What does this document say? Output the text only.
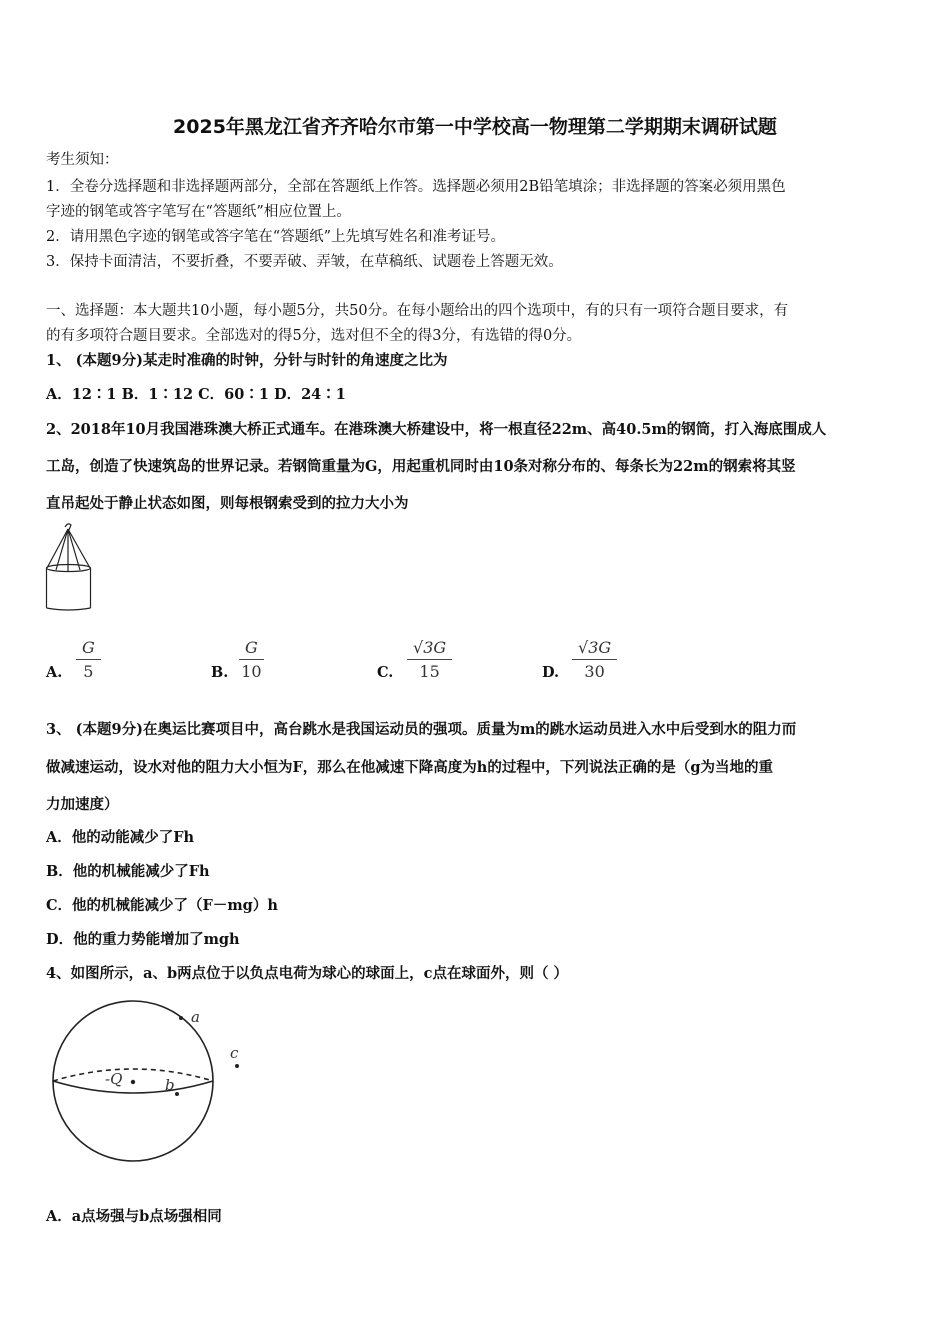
2025年黑龙江省齐齐哈尔市第一中学校高一物理第二学期期末调研试题
考生须知：
1．全卷分选择题和非选择题两部分，全部在答题纸上作答。选择题必须用2B铅笔填涂；非选择题的答案必须用黑色
字迹的钢笔或答字笔写在“答题纸”相应位置上。
2．请用黑色字迹的钢笔或答字笔在“答题纸”上先填写姓名和准考证号。
3．保持卡面清洁，不要折叠，不要弄破、弄皱，在草稿纸、试题卷上答题无效。
一、选择题：本大题共10小题，每小题5分，共50分。在每小题给出的四个选项中，有的只有一项符合题目要求，有
的有多项符合题目要求。全部选对的得5分，选对但不全的得3分，有选错的得0分。
1、 (本题9分)某走时准确的时钟，分针与时针的角速度之比为
A．12∶1 B．1∶12 C．60∶1 D．24∶1
2、2018年10月我国港珠澳大桥正式通车。在港珠澳大桥建设中，将一根直径22m、高40.5m的钢筒，打入海底围成人
工岛，创造了快速筑岛的世界记录。若钢筒重量为G，用起重机同时由10条对称分布的、每条长为22m的钢索将其竖
直吊起处于静止状态如图，则每根钢索受到的拉力大小为
A.
G
5	B.
G
10	C.
√3G
15	D.
√3G
30
3、 (本题9分)在奥运比赛项目中，高台跳水是我国运动员的强项。质量为m的跳水运动员进入水中后受到水的阻力而
做减速运动，设水对他的阻力大小恒为F，那么在他减速下降高度为h的过程中，下列说法正确的是（g为当地的重
力加速度）
A．他的动能减少了Fh
B．他的机械能减少了Fh
C．他的机械能减少了（F－mg）h
D．他的重力势能增加了mgh
4、如图所示，a、b两点位于以负点电荷为球心的球面上，c点在球面外，则（ ）
a
b
c
-Q
A．a点场强与b点场强相同
